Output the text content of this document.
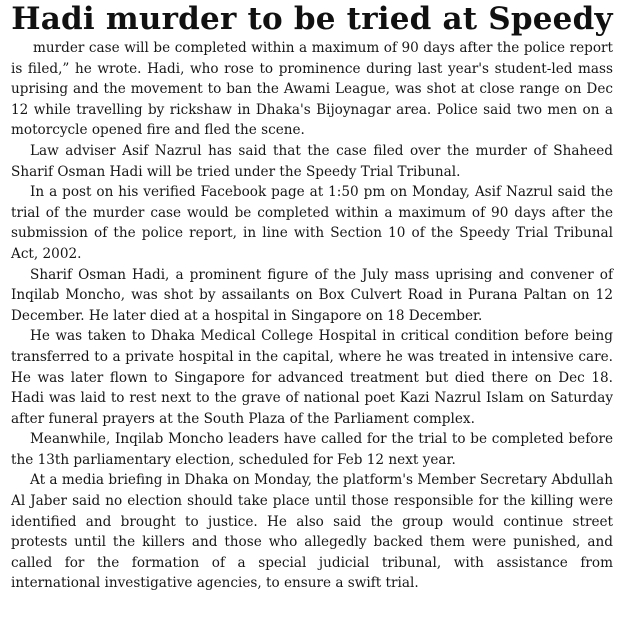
Hadi murder to be tried at Speedy

murder case will be completed within a maximum of 90 days after the police report is filed,” he wrote. Hadi, who rose to prominence during last year's student-led mass uprising and the movement to ban the Awami League, was shot at close range on Dec 12 while travelling by rickshaw in Dhaka's Bijoynagar area. Police said two men on a motorcycle opened fire and fled the scene.

Law adviser Asif Nazrul has said that the case filed over the murder of Shaheed Sharif Osman Hadi will be tried under the Speedy Trial Tribunal.

In a post on his verified Facebook page at 1:50 pm on Monday, Asif Nazrul said the trial of the murder case would be completed within a maximum of 90 days after the submission of the police report, in line with Section 10 of the Speedy Trial Tribunal Act, 2002.

Sharif Osman Hadi, a prominent figure of the July mass uprising and convener of Inqilab Moncho, was shot by assailants on Box Culvert Road in Purana Paltan on 12 December. He later died at a hospital in Singapore on 18 December.

He was taken to Dhaka Medical College Hospital in critical condition before being transferred to a private hospital in the capital, where he was treated in intensive care. He was later flown to Singapore for advanced treatment but died there on Dec 18. Hadi was laid to rest next to the grave of national poet Kazi Nazrul Islam on Saturday after funeral prayers at the South Plaza of the Parliament complex.

Meanwhile, Inqilab Moncho leaders have called for the trial to be completed before the 13th parliamentary election, scheduled for Feb 12 next year.

At a media briefing in Dhaka on Monday, the platform's Member Secretary Abdullah Al Jaber said no election should take place until those responsible for the killing were identified and brought to justice. He also said the group would continue street protests until the killers and those who allegedly backed them were punished, and called for the formation of a special judicial tribunal, with assistance from international investigative agencies, to ensure a swift trial.
